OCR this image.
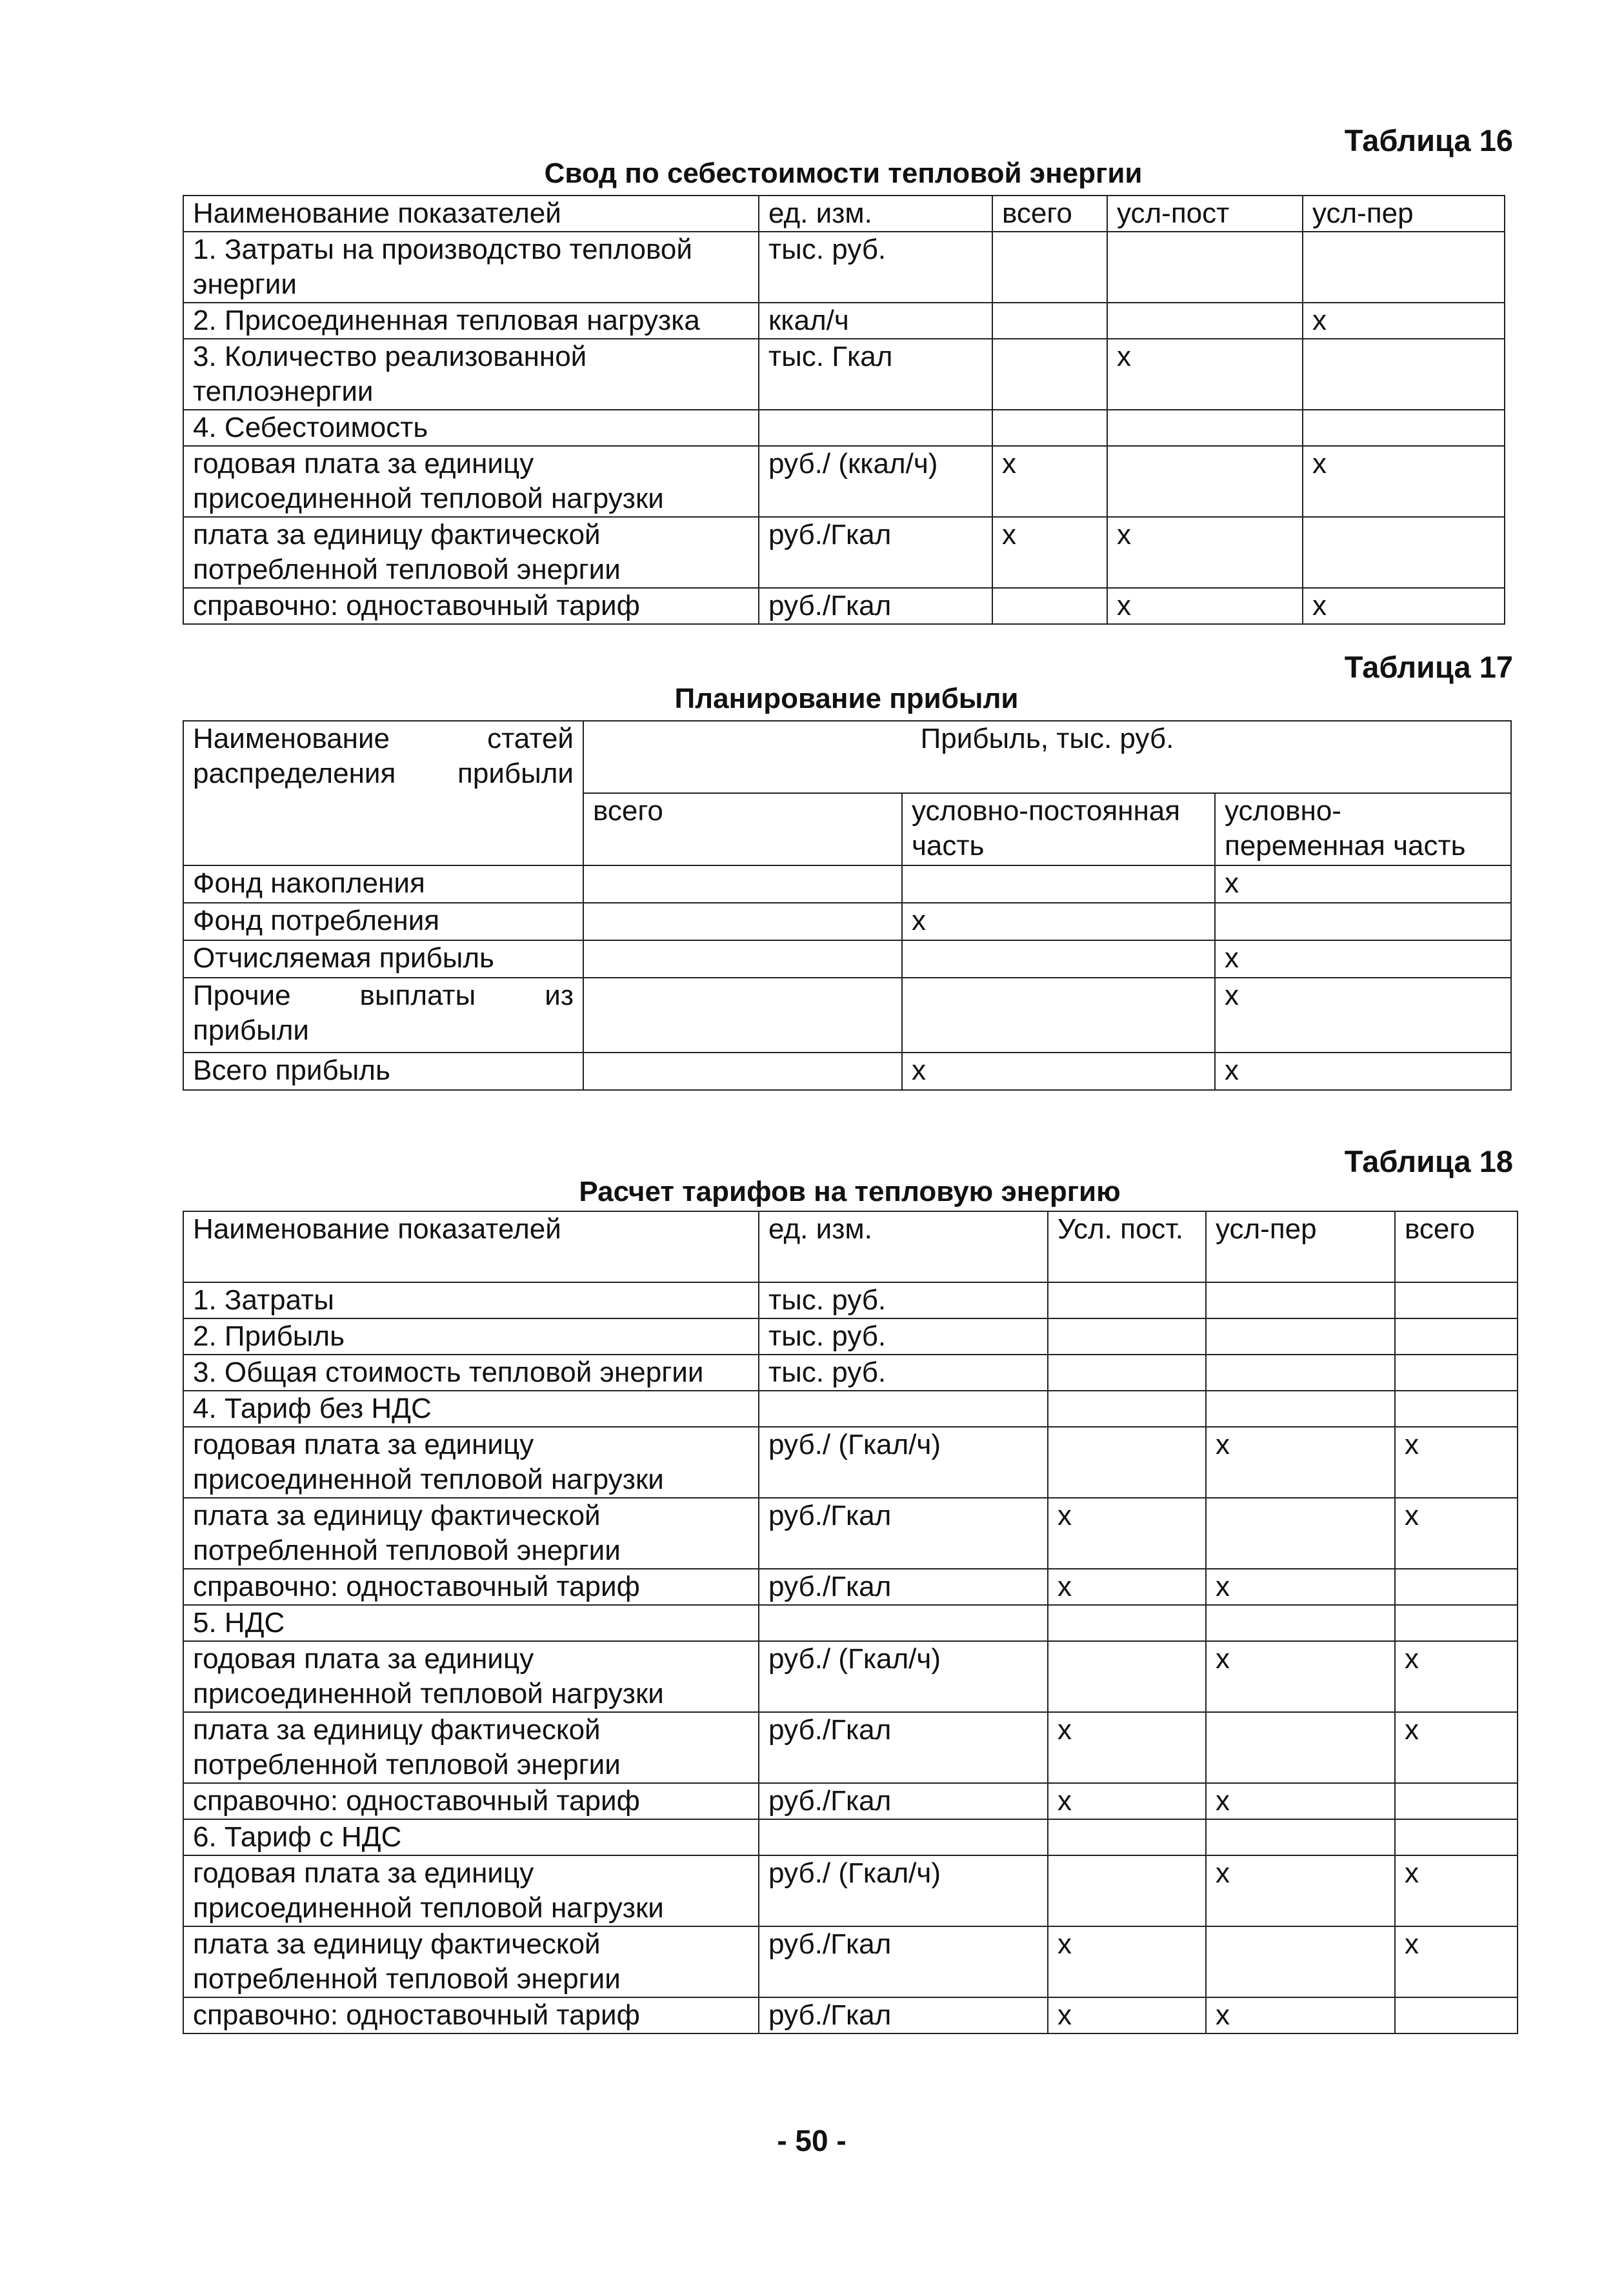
Таблица 16
Свод по себестоимости тепловой энергии
Наименование показателей	ед. изм.	всего	усл-пост	усл-пер
1. Затраты на производство тепловой энергии	тыс. руб.			
2. Присоединенная тепловая нагрузка	ккал/ч			х
3. Количество реализованной теплоэнергии	тыс. Гкал		х	
4. Себестоимость				
годовая плата за единицу присоединенной тепловой нагрузки	руб./ (ккал/ч)	х		х
плата за единицу фактической потребленной тепловой энергии	руб./Гкал	х	х	
справочно: одноставочный тариф	руб./Гкал		х	х
Таблица 17
Планирование прибыли
Наименование статей распределения прибыли	Прибыль, тыс. руб.		
	всего	условно-постоянная часть	условно-переменная часть
Фонд накопления			х
Фонд потребления		х	
Отчисляемая прибыль			х
Прочие выплаты из прибыли			х
Всего прибыль		х	х
Таблица 18
Расчет тарифов на тепловую энергию
Наименование показателей	ед. изм.	Усл. пост.	усл-пер	всего
1. Затраты	тыс. руб.			
2. Прибыль	тыс. руб.			
3. Общая стоимость тепловой энергии	тыс. руб.			
4. Тариф без НДС				
годовая плата за единицу присоединенной тепловой нагрузки	руб./ (Гкал/ч)		х	х
плата за единицу фактической потребленной тепловой энергии	руб./Гкал	х		х
справочно: одноставочный тариф	руб./Гкал	х	х	
5. НДС				
годовая плата за единицу присоединенной тепловой нагрузки	руб./ (Гкал/ч)		х	х
плата за единицу фактической потребленной тепловой энергии	руб./Гкал	х		х
справочно: одноставочный тариф	руб./Гкал	х	х	
6. Тариф с НДС				
годовая плата за единицу присоединенной тепловой нагрузки	руб./ (Гкал/ч)		х	х
плата за единицу фактической потребленной тепловой энергии	руб./Гкал	х		х
справочно: одноставочный тариф	руб./Гкал	х	х	
- 50 -
